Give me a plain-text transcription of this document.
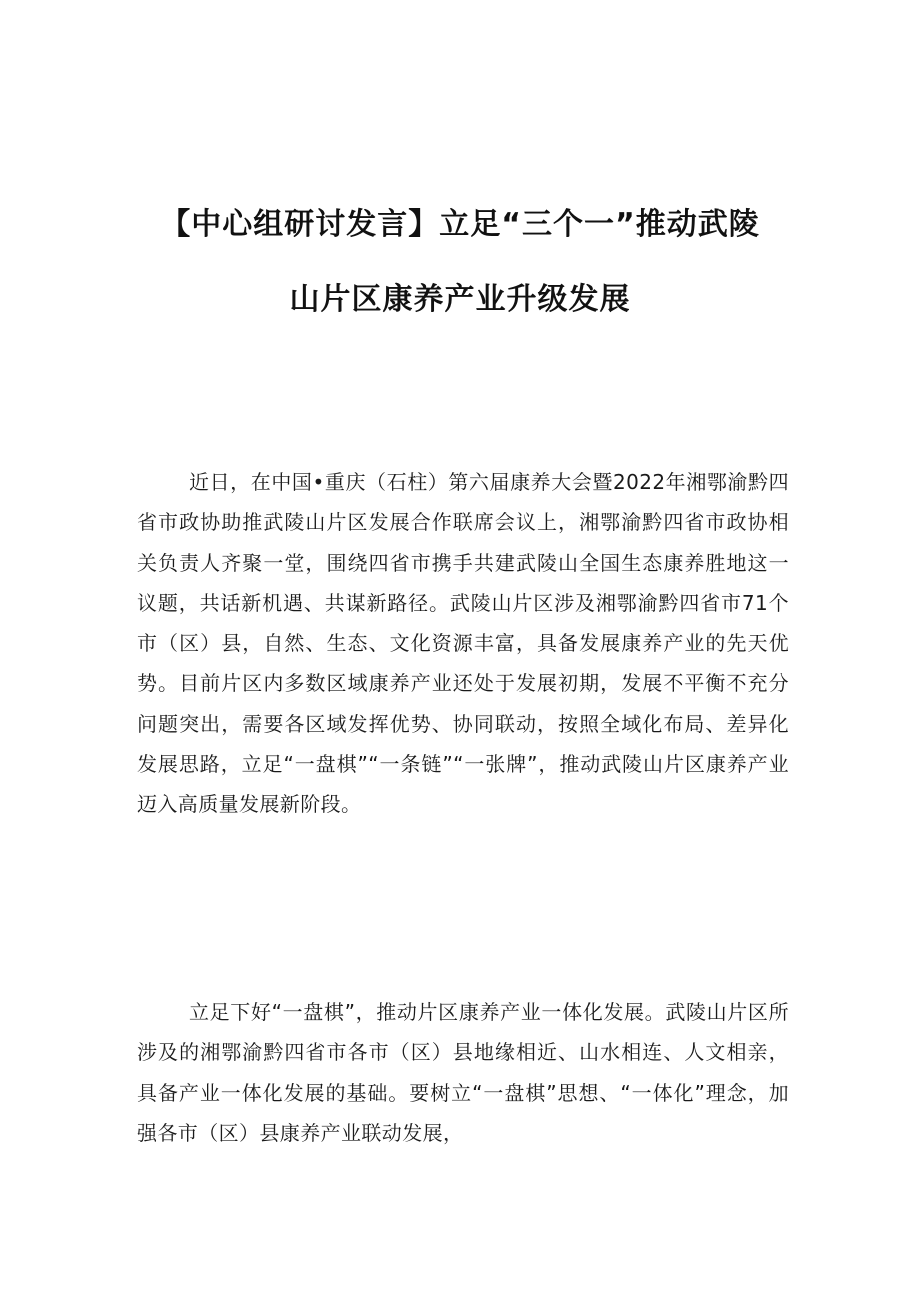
【中心组研讨发言】立足“三个一”推动武陵
山片区康养产业升级发展

近日，在中国•重庆（石柱）第六届康养大会暨2022年湘鄂渝黔四省市政协助推武陵山片区发展合作联席会议上，湘鄂渝黔四省市政协相关负责人齐聚一堂，围绕四省市携手共建武陵山全国生态康养胜地这一议题，共话新机遇、共谋新路径。武陵山片区涉及湘鄂渝黔四省市71个市（区）县，自然、生态、文化资源丰富，具备发展康养产业的先天优势。目前片区内多数区域康养产业还处于发展初期，发展不平衡不充分问题突出，需要各区域发挥优势、协同联动，按照全域化布局、差异化发展思路，立足“一盘棋”“一条链”“一张牌”，推动武陵山片区康养产业迈入高质量发展新阶段。

立足下好“一盘棋”，推动片区康养产业一体化发展。武陵山片区所涉及的湘鄂渝黔四省市各市（区）县地缘相近、山水相连、人文相亲，具备产业一体化发展的基础。要树立“一盘棋”思想、“一体化”理念，加强各市（区）县康养产业联动发展，
